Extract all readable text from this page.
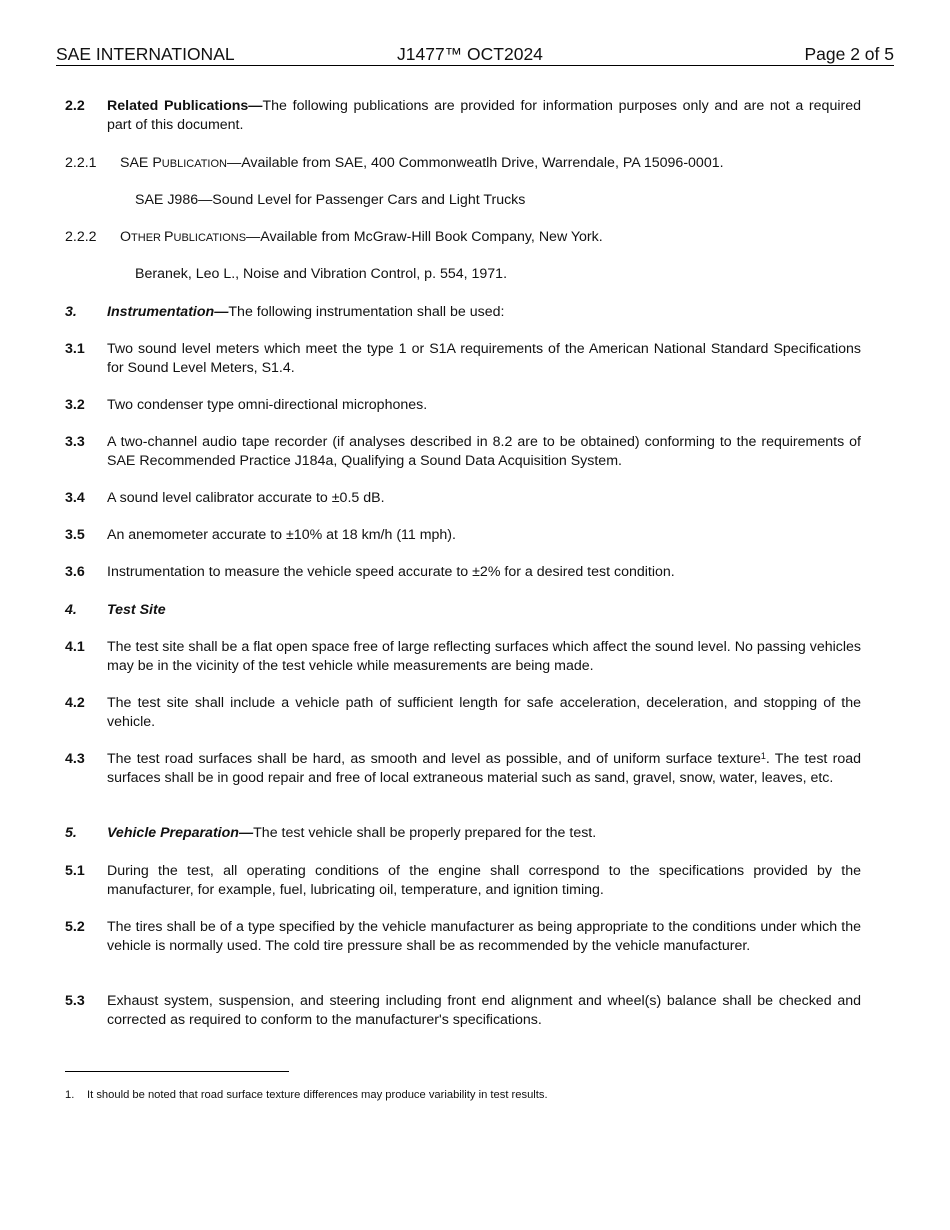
SAE INTERNATIONAL	J1477™ OCT2024	Page 2 of 5
2.2 Related Publications—The following publications are provided for information purposes only and are not a required part of this document.
2.2.1 SAE PUBLICATION—Available from SAE, 400 Commonweatlh Drive, Warrendale, PA 15096-0001.
SAE J986—Sound Level for Passenger Cars and Light Trucks
2.2.2 OTHER PUBLICATIONS—Available from McGraw-Hill Book Company, New York.
Beranek, Leo L., Noise and Vibration Control, p. 554, 1971.
3. Instrumentation—The following instrumentation shall be used:
3.1 Two sound level meters which meet the type 1 or S1A requirements of the American National Standard Specifications for Sound Level Meters, S1.4.
3.2 Two condenser type omni-directional microphones.
3.3 A two-channel audio tape recorder (if analyses described in 8.2 are to be obtained) conforming to the requirements of SAE Recommended Practice J184a, Qualifying a Sound Data Acquisition System.
3.4 A sound level calibrator accurate to ±0.5 dB.
3.5 An anemometer accurate to ±10% at 18 km/h (11 mph).
3.6 Instrumentation to measure the vehicle speed accurate to ±2% for a desired test condition.
4. Test Site
4.1 The test site shall be a flat open space free of large reflecting surfaces which affect the sound level. No passing vehicles may be in the vicinity of the test vehicle while measurements are being made.
4.2 The test site shall include a vehicle path of sufficient length for safe acceleration, deceleration, and stopping of the vehicle.
4.3 The test road surfaces shall be hard, as smooth and level as possible, and of uniform surface texture$^1$. The test road surfaces shall be in good repair and free of local extraneous material such as sand, gravel, snow, water, leaves, etc.
5. Vehicle Preparation—The test vehicle shall be properly prepared for the test.
5.1 During the test, all operating conditions of the engine shall correspond to the specifications provided by the manufacturer, for example, fuel, lubricating oil, temperature, and ignition timing.
5.2 The tires shall be of a type specified by the vehicle manufacturer as being appropriate to the conditions under which the vehicle is normally used. The cold tire pressure shall be as recommended by the vehicle manufacturer.
5.3 Exhaust system, suspension, and steering including front end alignment and wheel(s) balance shall be checked and corrected as required to conform to the manufacturer's specifications.
1. It should be noted that road surface texture differences may produce variability in test results.
